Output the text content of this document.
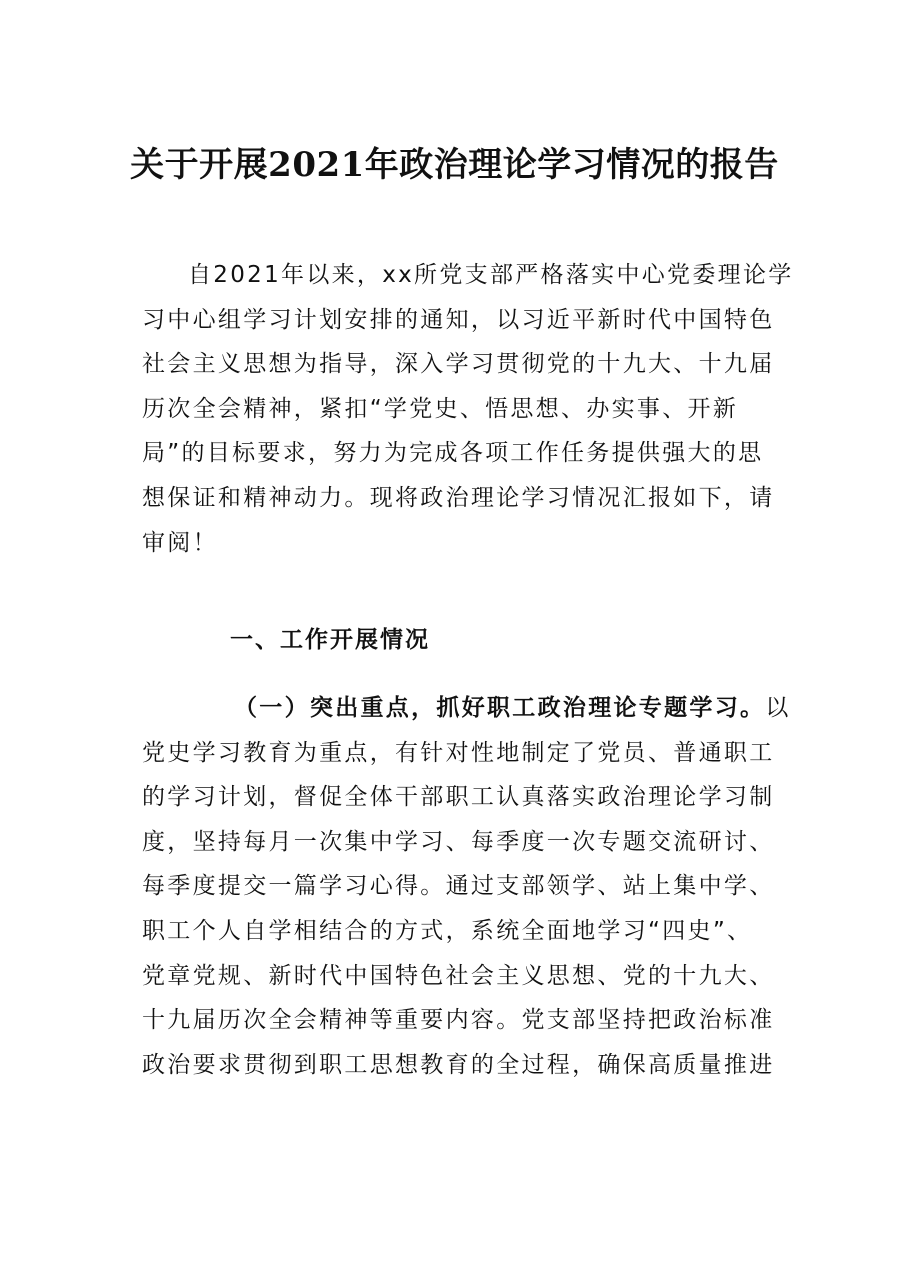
关于开展2021年政治理论学习情况的报告
自2021年以来，xx所党支部严格落实中心党委理论学
习中心组学习计划安排的通知，以习近平新时代中国特色
社会主义思想为指导，深入学习贯彻党的十九大、十九届
历次全会精神，紧扣“学党史、悟思想、办实事、开新
局”的目标要求，努力为完成各项工作任务提供强大的思
想保证和精神动力。现将政治理论学习情况汇报如下，请
审阅！
一、工作开展情况
（一）突出重点，抓好职工政治理论专题学习。以
党史学习教育为重点，有针对性地制定了党员、普通职工
的学习计划，督促全体干部职工认真落实政治理论学习制
度，坚持每月一次集中学习、每季度一次专题交流研讨、
每季度提交一篇学习心得。通过支部领学、站上集中学、
职工个人自学相结合的方式，系统全面地学习“四史”、
党章党规、新时代中国特色社会主义思想、党的十九大、
十九届历次全会精神等重要内容。党支部坚持把政治标准
政治要求贯彻到职工思想教育的全过程，确保高质量推进
